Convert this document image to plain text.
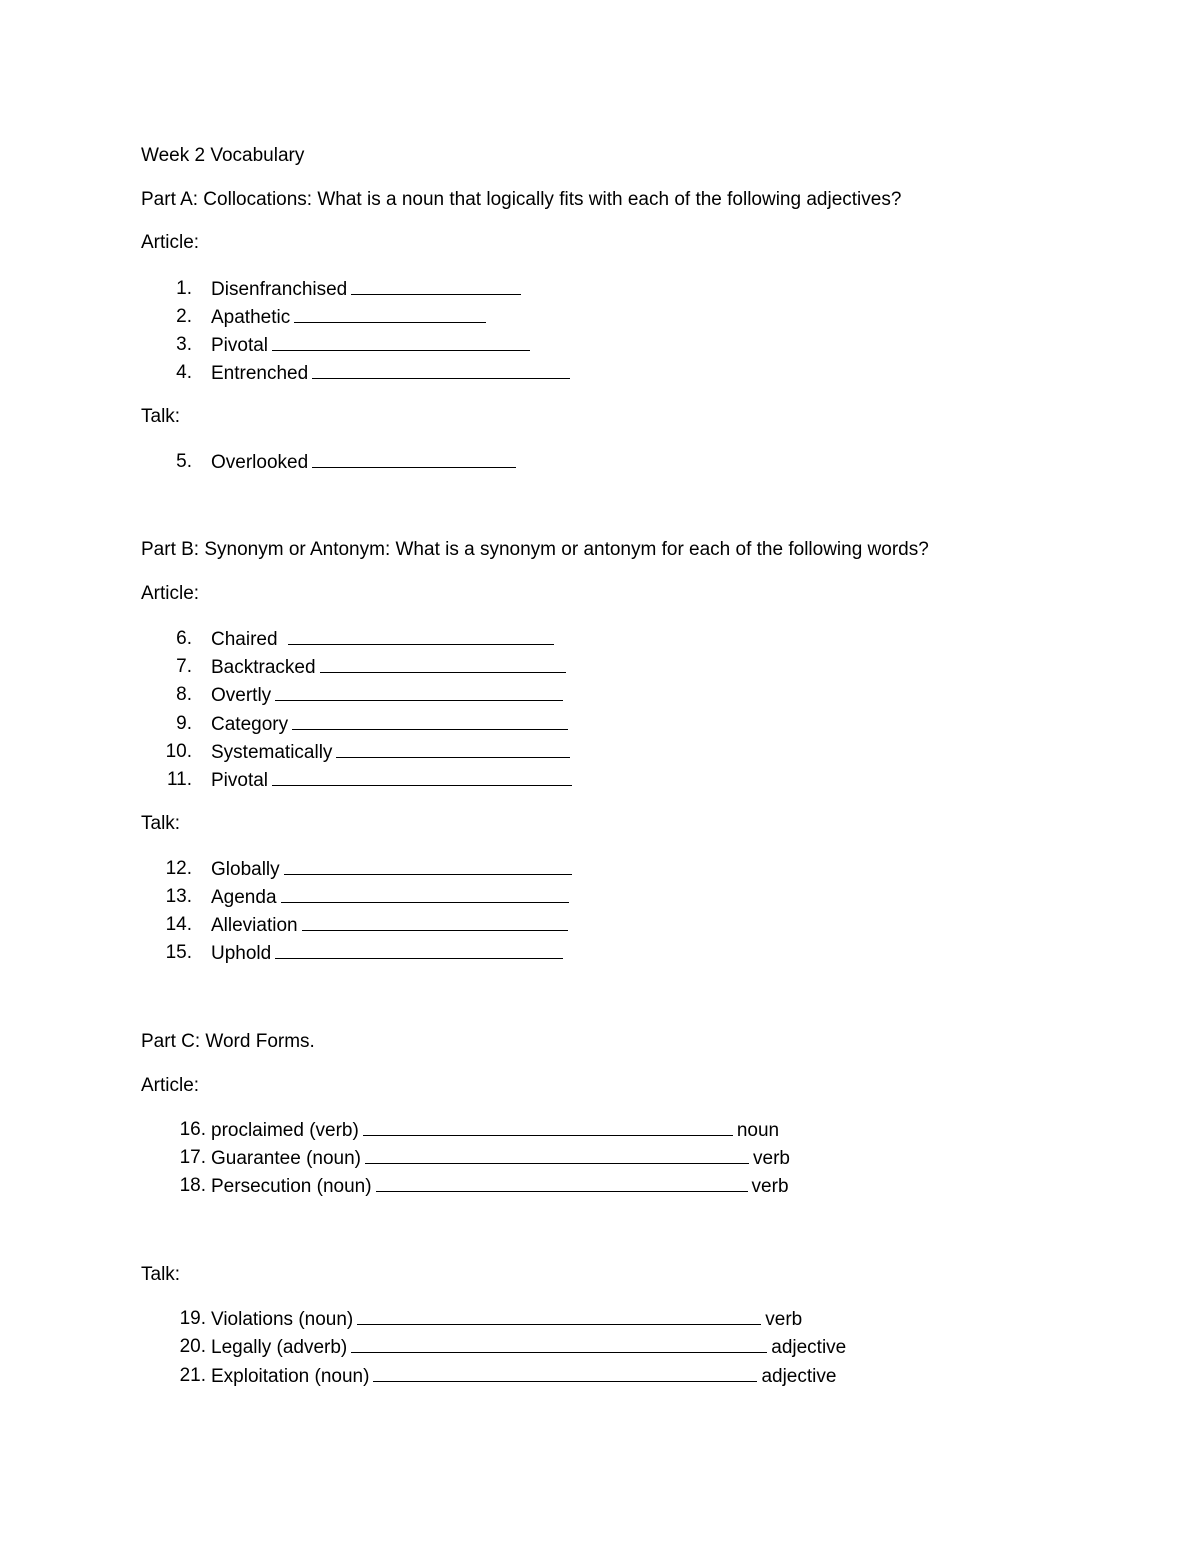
Week 2 Vocabulary
Part A: Collocations: What is a noun that logically fits with each of the following adjectives?
Article:
1. Disenfranchised
2. Apathetic
3. Pivotal
4. Entrenched
Talk:
5. Overlooked
Part B: Synonym or Antonym: What is a synonym or antonym for each of the following words?
Article:
6. Chaired
7. Backtracked
8. Overtly
9. Category
10. Systematically
11. Pivotal
Talk:
12. Globally
13. Agenda
14. Alleviation
15. Uphold
Part C: Word Forms.
Article:
16. proclaimed (verb)	noun
17. Guarantee (noun)	verb
18. Persecution (noun)	verb
Talk:
19. Violations (noun)	verb
20. Legally (adverb)	adjective
21. Exploitation (noun)	adjective
